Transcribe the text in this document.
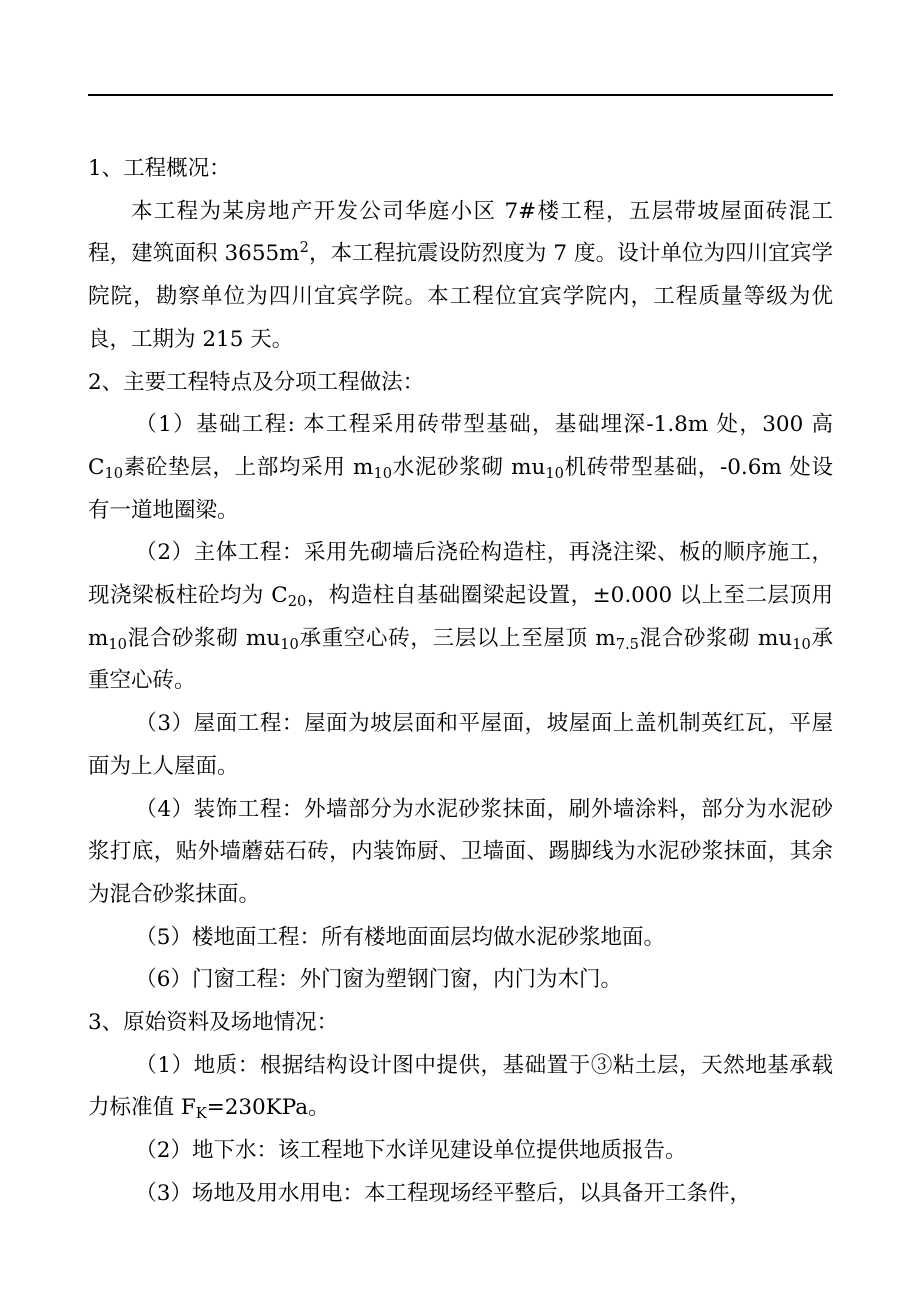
1、工程概况：

本工程为某房地产开发公司华庭小区 7#楼工程，五层带坡屋面砖混工程，建筑面积 $3655m^2$，本工程抗震设防烈度为 7 度。设计单位为四川宜宾学院院，勘察单位为四川宜宾学院。本工程位宜宾学院内，工程质量等级为优良，工期为 215 天。

2、主要工程特点及分项工程做法：

（1）基础工程: 本工程采用砖带型基础，基础埋深-1.8m 处，300 高 $C_{10}$素砼垫层，上部均采用 $m_{10}$水泥砂浆砌 $mu_{10}$机砖带型基础，-0.6m 处设有一道地圈梁。

（2）主体工程：采用先砌墙后浇砼构造柱，再浇注梁、板的顺序施工，现浇梁板柱砼均为 $C_{20}$，构造柱自基础圈梁起设置，±0.000 以上至二层顶用 $m_{10}$混合砂浆砌 $mu_{10}$承重空心砖，三层以上至屋顶 $m_{7.5}$混合砂浆砌 $mu_{10}$承重空心砖。

（3）屋面工程：屋面为坡层面和平屋面，坡屋面上盖机制英红瓦，平屋面为上人屋面。

（4）装饰工程：外墙部分为水泥砂浆抹面，刷外墙涂料，部分为水泥砂浆打底，贴外墙蘑菇石砖，内装饰厨、卫墙面、踢脚线为水泥砂浆抹面，其余为混合砂浆抹面。

（5）楼地面工程：所有楼地面面层均做水泥砂浆地面。

（6）门窗工程：外门窗为塑钢门窗，内门为木门。

3、原始资料及场地情况：

（1）地质：根据结构设计图中提供，基础置于③粘土层，天然地基承载力标准值 $F_K=230KPa$。

（2）地下水：该工程地下水详见建设单位提供地质报告。

（3）场地及用水用电：本工程现场经平整后，以具备开工条件，
